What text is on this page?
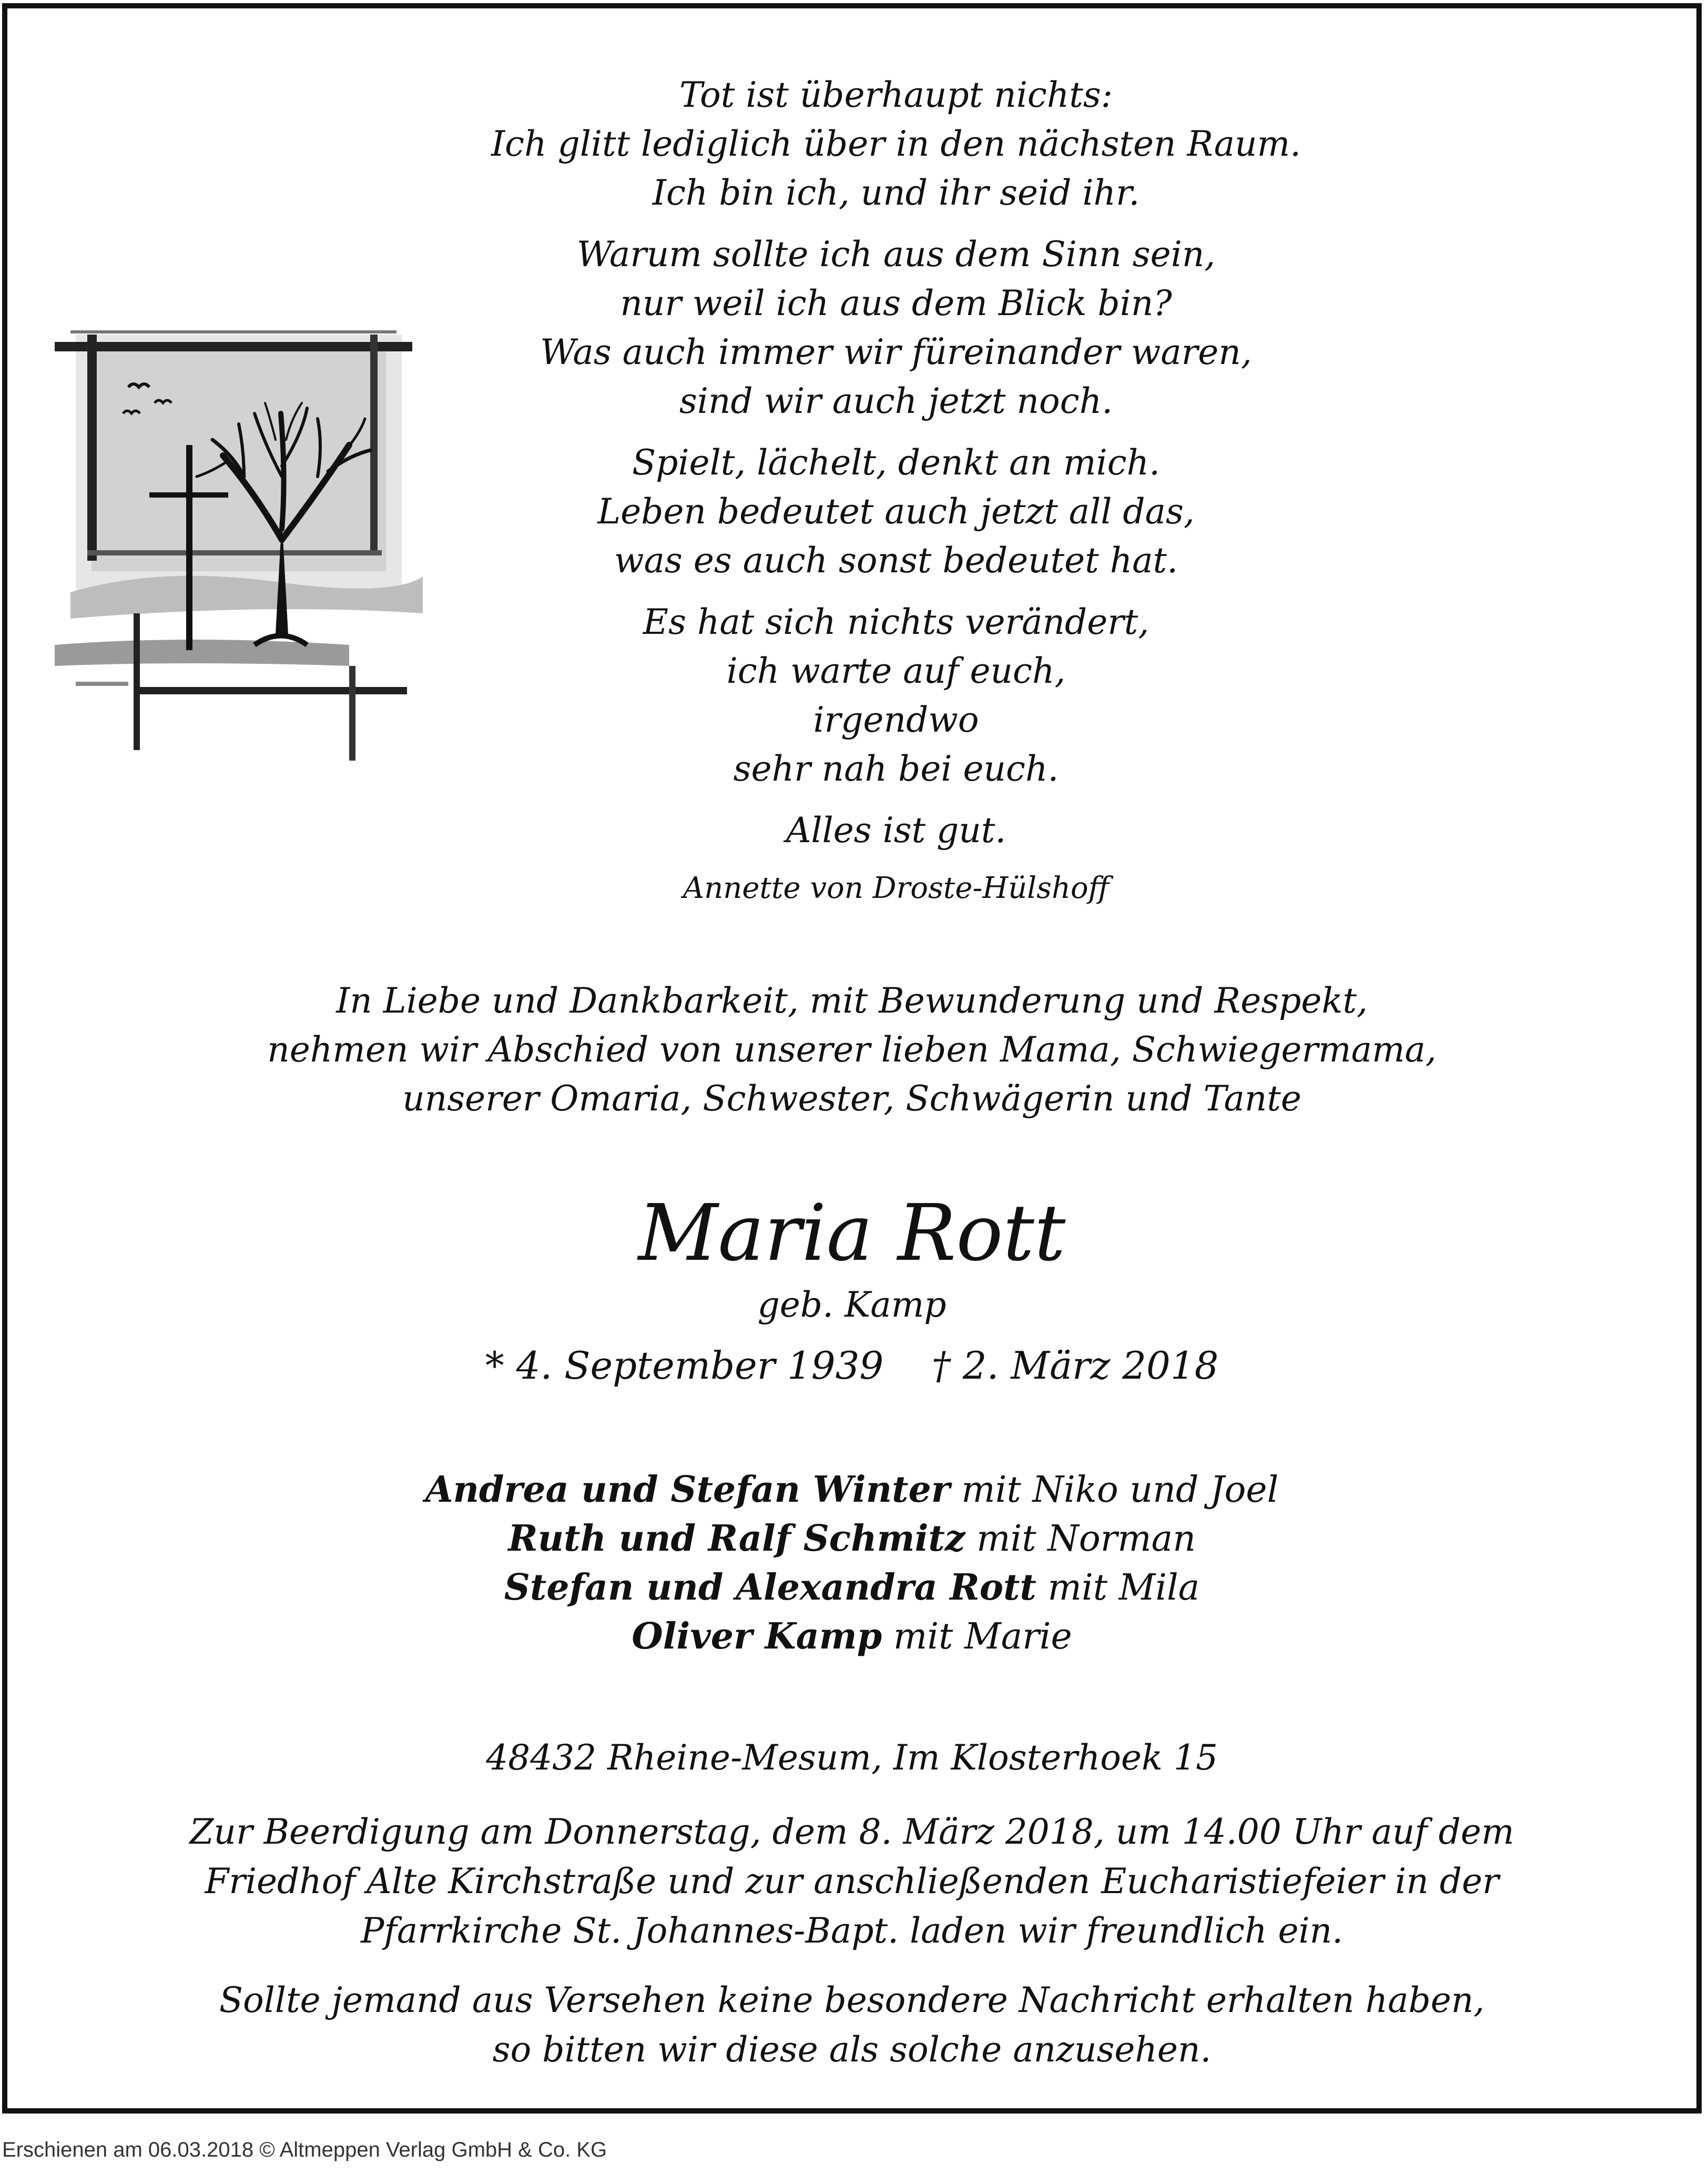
Tot ist überhaupt nichts:
Ich glitt lediglich über in den nächsten Raum.
Ich bin ich, und ihr seid ihr.
Warum sollte ich aus dem Sinn sein,
nur weil ich aus dem Blick bin?
Was auch immer wir füreinander waren,
sind wir auch jetzt noch.
Spielt, lächelt, denkt an mich.
Leben bedeutet auch jetzt all das,
was es auch sonst bedeutet hat.
Es hat sich nichts verändert,
ich warte auf euch,
irgendwo
sehr nah bei euch.
Alles ist gut.
Annette von Droste-Hülshoff
In Liebe und Dankbarkeit, mit Bewunderung und Respekt,
nehmen wir Abschied von unserer lieben Mama, Schwiegermama,
unserer Omaria, Schwester, Schwägerin und Tante
Maria Rott
geb. Kamp
* 4. September 1939    † 2. März 2018
Andrea und Stefan Winter mit Niko und Joel
Ruth und Ralf Schmitz mit Norman
Stefan und Alexandra Rott mit Mila
Oliver Kamp mit Marie
48432 Rheine-Mesum, Im Klosterhoek 15
Zur Beerdigung am Donnerstag, dem 8. März 2018, um 14.00 Uhr auf dem
Friedhof Alte Kirchstraße und zur anschließenden Eucharistiefeier in der
Pfarrkirche St. Johannes-Bapt. laden wir freundlich ein.
Sollte jemand aus Versehen keine besondere Nachricht erhalten haben,
so bitten wir diese als solche anzusehen.
Erschienen am 06.03.2018 © Altmeppen Verlag GmbH & Co. KG
